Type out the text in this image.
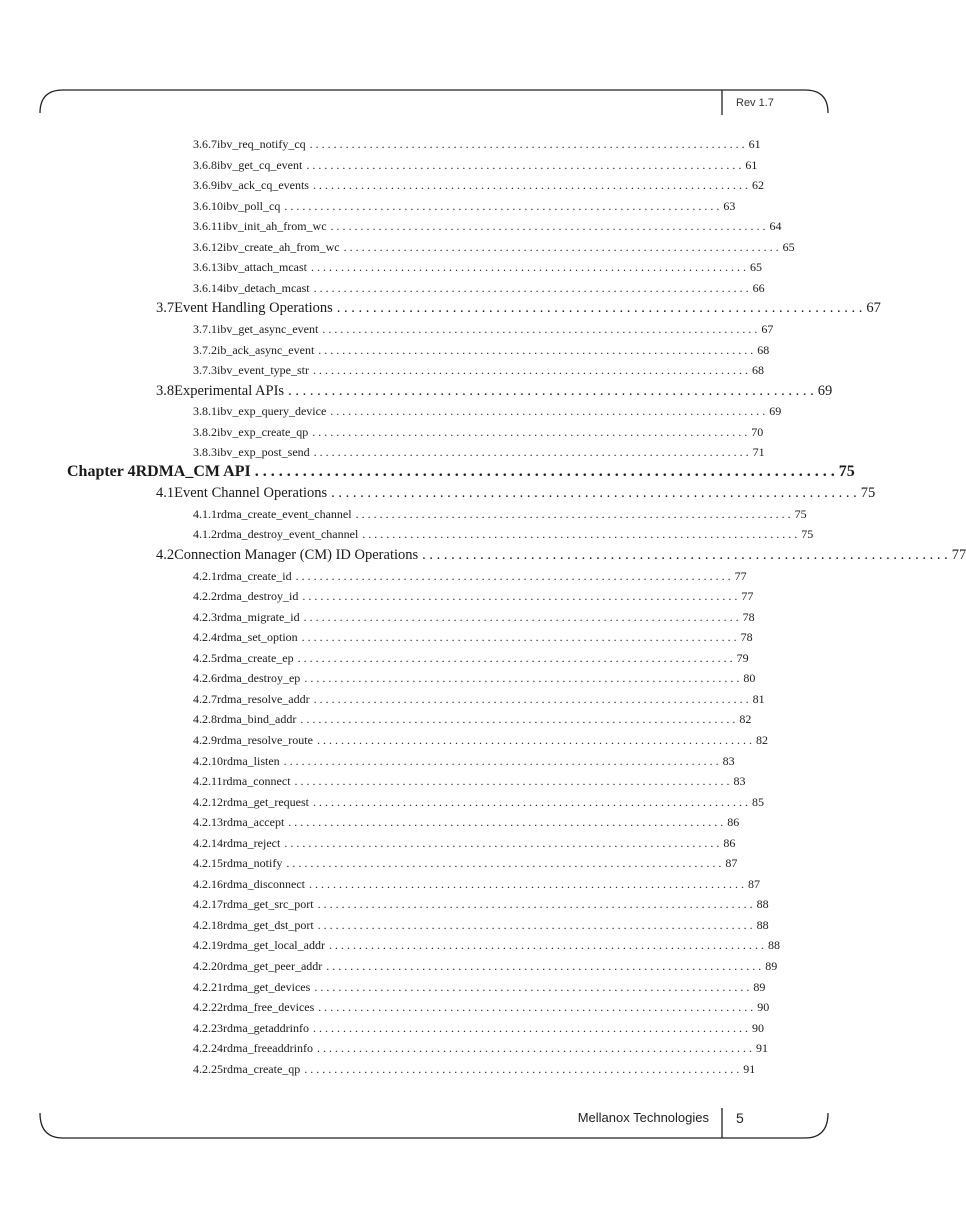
Rev 1.7
3.6.7 ibv_req_notify_cq . . . . . . . . . . . . . . . . . . . . . . . . . . . . . . . . . . . . . . . . . . . . . . . . . . . . . . . . . . . . . . . . . . . . . . . . . 61
3.6.8 ibv_get_cq_event . . . . . . . . . . . . . . . . . . . . . . . . . . . . . . . . . . . . . . . . . . . . . . . . . . . . . . . . . . . . . . . . . . . . . . . . . 61
3.6.9 ibv_ack_cq_events . . . . . . . . . . . . . . . . . . . . . . . . . . . . . . . . . . . . . . . . . . . . . . . . . . . . . . . . . . . . . . . . . . . . . . . . . 62
3.6.10 ibv_poll_cq . . . . . . . . . . . . . . . . . . . . . . . . . . . . . . . . . . . . . . . . . . . . . . . . . . . . . . . . . . . . . . . . . . . . . . . . . 63
3.6.11 ibv_init_ah_from_wc . . . . . . . . . . . . . . . . . . . . . . . . . . . . . . . . . . . . . . . . . . . . . . . . . . . . . . . . . . . . . . . . . . . . . . . . . 64
3.6.12 ibv_create_ah_from_wc . . . . . . . . . . . . . . . . . . . . . . . . . . . . . . . . . . . . . . . . . . . . . . . . . . . . . . . . . . . . . . . . . . . . . . . . . 65
3.6.13 ibv_attach_mcast . . . . . . . . . . . . . . . . . . . . . . . . . . . . . . . . . . . . . . . . . . . . . . . . . . . . . . . . . . . . . . . . . . . . . . . . . 65
3.6.14 ibv_detach_mcast . . . . . . . . . . . . . . . . . . . . . . . . . . . . . . . . . . . . . . . . . . . . . . . . . . . . . . . . . . . . . . . . . . . . . . . . . 66
3.7 Event Handling Operations . . . . . . . . . . . . . . . . . . . . . . . . . . . . . . . . . . . . . . . . . . . . . . . . . . . . . . . . . . . . . . . . . . . . . . . . . 67
3.7.1 ibv_get_async_event . . . . . . . . . . . . . . . . . . . . . . . . . . . . . . . . . . . . . . . . . . . . . . . . . . . . . . . . . . . . . . . . . . . . . . . . . 67
3.7.2 ib_ack_async_event . . . . . . . . . . . . . . . . . . . . . . . . . . . . . . . . . . . . . . . . . . . . . . . . . . . . . . . . . . . . . . . . . . . . . . . . . 68
3.7.3 ibv_event_type_str . . . . . . . . . . . . . . . . . . . . . . . . . . . . . . . . . . . . . . . . . . . . . . . . . . . . . . . . . . . . . . . . . . . . . . . . . 68
3.8 Experimental APIs . . . . . . . . . . . . . . . . . . . . . . . . . . . . . . . . . . . . . . . . . . . . . . . . . . . . . . . . . . . . . . . . . . . . . . . . . 69
3.8.1 ibv_exp_query_device . . . . . . . . . . . . . . . . . . . . . . . . . . . . . . . . . . . . . . . . . . . . . . . . . . . . . . . . . . . . . . . . . . . . . . . . . 69
3.8.2 ibv_exp_create_qp . . . . . . . . . . . . . . . . . . . . . . . . . . . . . . . . . . . . . . . . . . . . . . . . . . . . . . . . . . . . . . . . . . . . . . . . . 70
3.8.3 ibv_exp_post_send . . . . . . . . . . . . . . . . . . . . . . . . . . . . . . . . . . . . . . . . . . . . . . . . . . . . . . . . . . . . . . . . . . . . . . . . . 71
Chapter 4 RDMA_CM API . . . . . . . . . . . . . . . . . . . . . . . . . . . . . . . . . . . . . . . . . . . . . . . . . . . . . . . . . . . . . . . . . . . . . . . . . 75
4.1 Event Channel Operations . . . . . . . . . . . . . . . . . . . . . . . . . . . . . . . . . . . . . . . . . . . . . . . . . . . . . . . . . . . . . . . . . . . . . . . . . 75
4.1.1 rdma_create_event_channel . . . . . . . . . . . . . . . . . . . . . . . . . . . . . . . . . . . . . . . . . . . . . . . . . . . . . . . . . . . . . . . . . . . . . . . . . 75
4.1.2 rdma_destroy_event_channel . . . . . . . . . . . . . . . . . . . . . . . . . . . . . . . . . . . . . . . . . . . . . . . . . . . . . . . . . . . . . . . . . . . . . . . . . 75
4.2 Connection Manager (CM) ID Operations . . . . . . . . . . . . . . . . . . . . . . . . . . . . . . . . . . . . . . . . . . . . . . . . . . . . . . . . . . . . . . . . . . . . . . . . . 77
4.2.1 rdma_create_id . . . . . . . . . . . . . . . . . . . . . . . . . . . . . . . . . . . . . . . . . . . . . . . . . . . . . . . . . . . . . . . . . . . . . . . . . 77
4.2.2 rdma_destroy_id . . . . . . . . . . . . . . . . . . . . . . . . . . . . . . . . . . . . . . . . . . . . . . . . . . . . . . . . . . . . . . . . . . . . . . . . . 77
4.2.3 rdma_migrate_id . . . . . . . . . . . . . . . . . . . . . . . . . . . . . . . . . . . . . . . . . . . . . . . . . . . . . . . . . . . . . . . . . . . . . . . . . 78
4.2.4 rdma_set_option . . . . . . . . . . . . . . . . . . . . . . . . . . . . . . . . . . . . . . . . . . . . . . . . . . . . . . . . . . . . . . . . . . . . . . . . . 78
4.2.5 rdma_create_ep . . . . . . . . . . . . . . . . . . . . . . . . . . . . . . . . . . . . . . . . . . . . . . . . . . . . . . . . . . . . . . . . . . . . . . . . . 79
4.2.6 rdma_destroy_ep . . . . . . . . . . . . . . . . . . . . . . . . . . . . . . . . . . . . . . . . . . . . . . . . . . . . . . . . . . . . . . . . . . . . . . . . . 80
4.2.7 rdma_resolve_addr . . . . . . . . . . . . . . . . . . . . . . . . . . . . . . . . . . . . . . . . . . . . . . . . . . . . . . . . . . . . . . . . . . . . . . . . . 81
4.2.8 rdma_bind_addr . . . . . . . . . . . . . . . . . . . . . . . . . . . . . . . . . . . . . . . . . . . . . . . . . . . . . . . . . . . . . . . . . . . . . . . . . 82
4.2.9 rdma_resolve_route . . . . . . . . . . . . . . . . . . . . . . . . . . . . . . . . . . . . . . . . . . . . . . . . . . . . . . . . . . . . . . . . . . . . . . . . . 82
4.2.10 rdma_listen . . . . . . . . . . . . . . . . . . . . . . . . . . . . . . . . . . . . . . . . . . . . . . . . . . . . . . . . . . . . . . . . . . . . . . . . . 83
4.2.11 rdma_connect . . . . . . . . . . . . . . . . . . . . . . . . . . . . . . . . . . . . . . . . . . . . . . . . . . . . . . . . . . . . . . . . . . . . . . . . . 83
4.2.12 rdma_get_request . . . . . . . . . . . . . . . . . . . . . . . . . . . . . . . . . . . . . . . . . . . . . . . . . . . . . . . . . . . . . . . . . . . . . . . . . 85
4.2.13 rdma_accept . . . . . . . . . . . . . . . . . . . . . . . . . . . . . . . . . . . . . . . . . . . . . . . . . . . . . . . . . . . . . . . . . . . . . . . . . 86
4.2.14 rdma_reject . . . . . . . . . . . . . . . . . . . . . . . . . . . . . . . . . . . . . . . . . . . . . . . . . . . . . . . . . . . . . . . . . . . . . . . . . 86
4.2.15 rdma_notify . . . . . . . . . . . . . . . . . . . . . . . . . . . . . . . . . . . . . . . . . . . . . . . . . . . . . . . . . . . . . . . . . . . . . . . . . 87
4.2.16 rdma_disconnect . . . . . . . . . . . . . . . . . . . . . . . . . . . . . . . . . . . . . . . . . . . . . . . . . . . . . . . . . . . . . . . . . . . . . . . . . 87
4.2.17 rdma_get_src_port . . . . . . . . . . . . . . . . . . . . . . . . . . . . . . . . . . . . . . . . . . . . . . . . . . . . . . . . . . . . . . . . . . . . . . . . . 88
4.2.18 rdma_get_dst_port . . . . . . . . . . . . . . . . . . . . . . . . . . . . . . . . . . . . . . . . . . . . . . . . . . . . . . . . . . . . . . . . . . . . . . . . . 88
4.2.19 rdma_get_local_addr . . . . . . . . . . . . . . . . . . . . . . . . . . . . . . . . . . . . . . . . . . . . . . . . . . . . . . . . . . . . . . . . . . . . . . . . . 88
4.2.20 rdma_get_peer_addr . . . . . . . . . . . . . . . . . . . . . . . . . . . . . . . . . . . . . . . . . . . . . . . . . . . . . . . . . . . . . . . . . . . . . . . . . 89
4.2.21 rdma_get_devices . . . . . . . . . . . . . . . . . . . . . . . . . . . . . . . . . . . . . . . . . . . . . . . . . . . . . . . . . . . . . . . . . . . . . . . . . 89
4.2.22 rdma_free_devices . . . . . . . . . . . . . . . . . . . . . . . . . . . . . . . . . . . . . . . . . . . . . . . . . . . . . . . . . . . . . . . . . . . . . . . . . 90
4.2.23 rdma_getaddrinfo . . . . . . . . . . . . . . . . . . . . . . . . . . . . . . . . . . . . . . . . . . . . . . . . . . . . . . . . . . . . . . . . . . . . . . . . . 90
4.2.24 rdma_freeaddrinfo . . . . . . . . . . . . . . . . . . . . . . . . . . . . . . . . . . . . . . . . . . . . . . . . . . . . . . . . . . . . . . . . . . . . . . . . . 91
4.2.25 rdma_create_qp . . . . . . . . . . . . . . . . . . . . . . . . . . . . . . . . . . . . . . . . . . . . . . . . . . . . . . . . . . . . . . . . . . . . . . . . . 91
Mellanox Technologies 5
